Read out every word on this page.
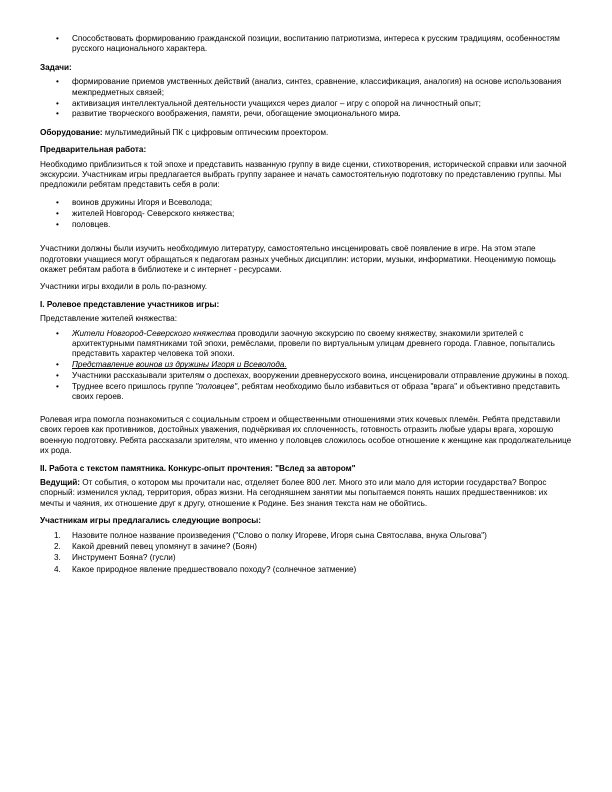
• Способствовать формированию гражданской позиции, воспитанию патриотизма, интереса к русским традициям, особенностям русского национального характера.

Задачи:

• формирование приемов умственных действий (анализ, синтез, сравнение, классификация, аналогия) на основе использования межпредметных связей;
• активизация интеллектуальной деятельности учащихся через диалог – игру с опорой на личностный опыт;
• развитие творческого воображения, памяти, речи, обогащение эмоционального мира.

Оборудование: мультимедийный ПК с цифровым оптическим проектором.

Предварительная работа:

Необходимо приблизиться к той эпохе и представить названную группу в виде сценки, стихотворения, исторической справки или заочной экскурсии. Участникам игры предлагается выбрать группу заранее и начать самостоятельную подготовку по представлению группы. Мы предложили ребятам представить себя в роли:

• воинов дружины Игоря и Всеволода;
• жителей Новгород- Северского княжества;
• половцев.

Участники должны были изучить необходимую литературу, самостоятельно инсценировать своё появление в игре. На этом этапе подготовки учащиеся могут обращаться к педагогам разных учебных дисциплин: истории, музыки, информатики. Неоценимую помощь окажет ребятам работа в библиотеке и с интернет - ресурсами.

Участники игры входили в роль по-разному.

I. Ролевое представление участников игры:

Представление жителей княжества:

• Жители Новгород-Северского княжества проводили заочную экскурсию по своему княжеству, знакомили зрителей с архитектурными памятниками той эпохи, ремёслами, провели по виртуальным улицам древнего города. Главное, попытались представить характер человека той эпохи.
• Представление воинов из дружины Игоря и Всеволода.
• Участники рассказывали зрителям о доспехах, вооружении древнерусского воина, инсценировали отправление дружины в поход.
• Труднее всего пришлось группе "половцев", ребятам необходимо было избавиться от образа "врага" и объективно представить своих героев.

Ролевая игра помогла познакомиться с социальным строем и общественными отношениями этих кочевых племён. Ребята представили своих героев как противников, достойных уважения, подчёркивая их сплоченность, готовность отразить любые удары врага, хорошую военную подготовку. Ребята рассказали зрителям, что именно у половцев сложилось особое отношение к женщине как продолжательнице их рода.

II. Работа с текстом памятника. Конкурс-опыт прочтения: "Вслед за автором"

Ведущий: От события, о котором мы прочитали нас, отделяет более 800 лет. Много это или мало для истории государства? Вопрос спорный: изменился уклад, территория, образ жизни. На сегодняшнем занятии мы попытаемся понять наших предшественников: их мечты и чаяния, их отношение друг к другу, отношение к Родине. Без знания текста нам не обойтись.

Участникам игры предлагались следующие вопросы:

1. Назовите полное название произведения ("Слово о полку Игореве, Игоря сына Святослава, внука Ольгова")
2. Какой древний певец упомянут в зачине? (Боян)
3. Инструмент Бояна? (гусли)
4. Какое природное явление предшествовало походу? (солнечное затмение)
